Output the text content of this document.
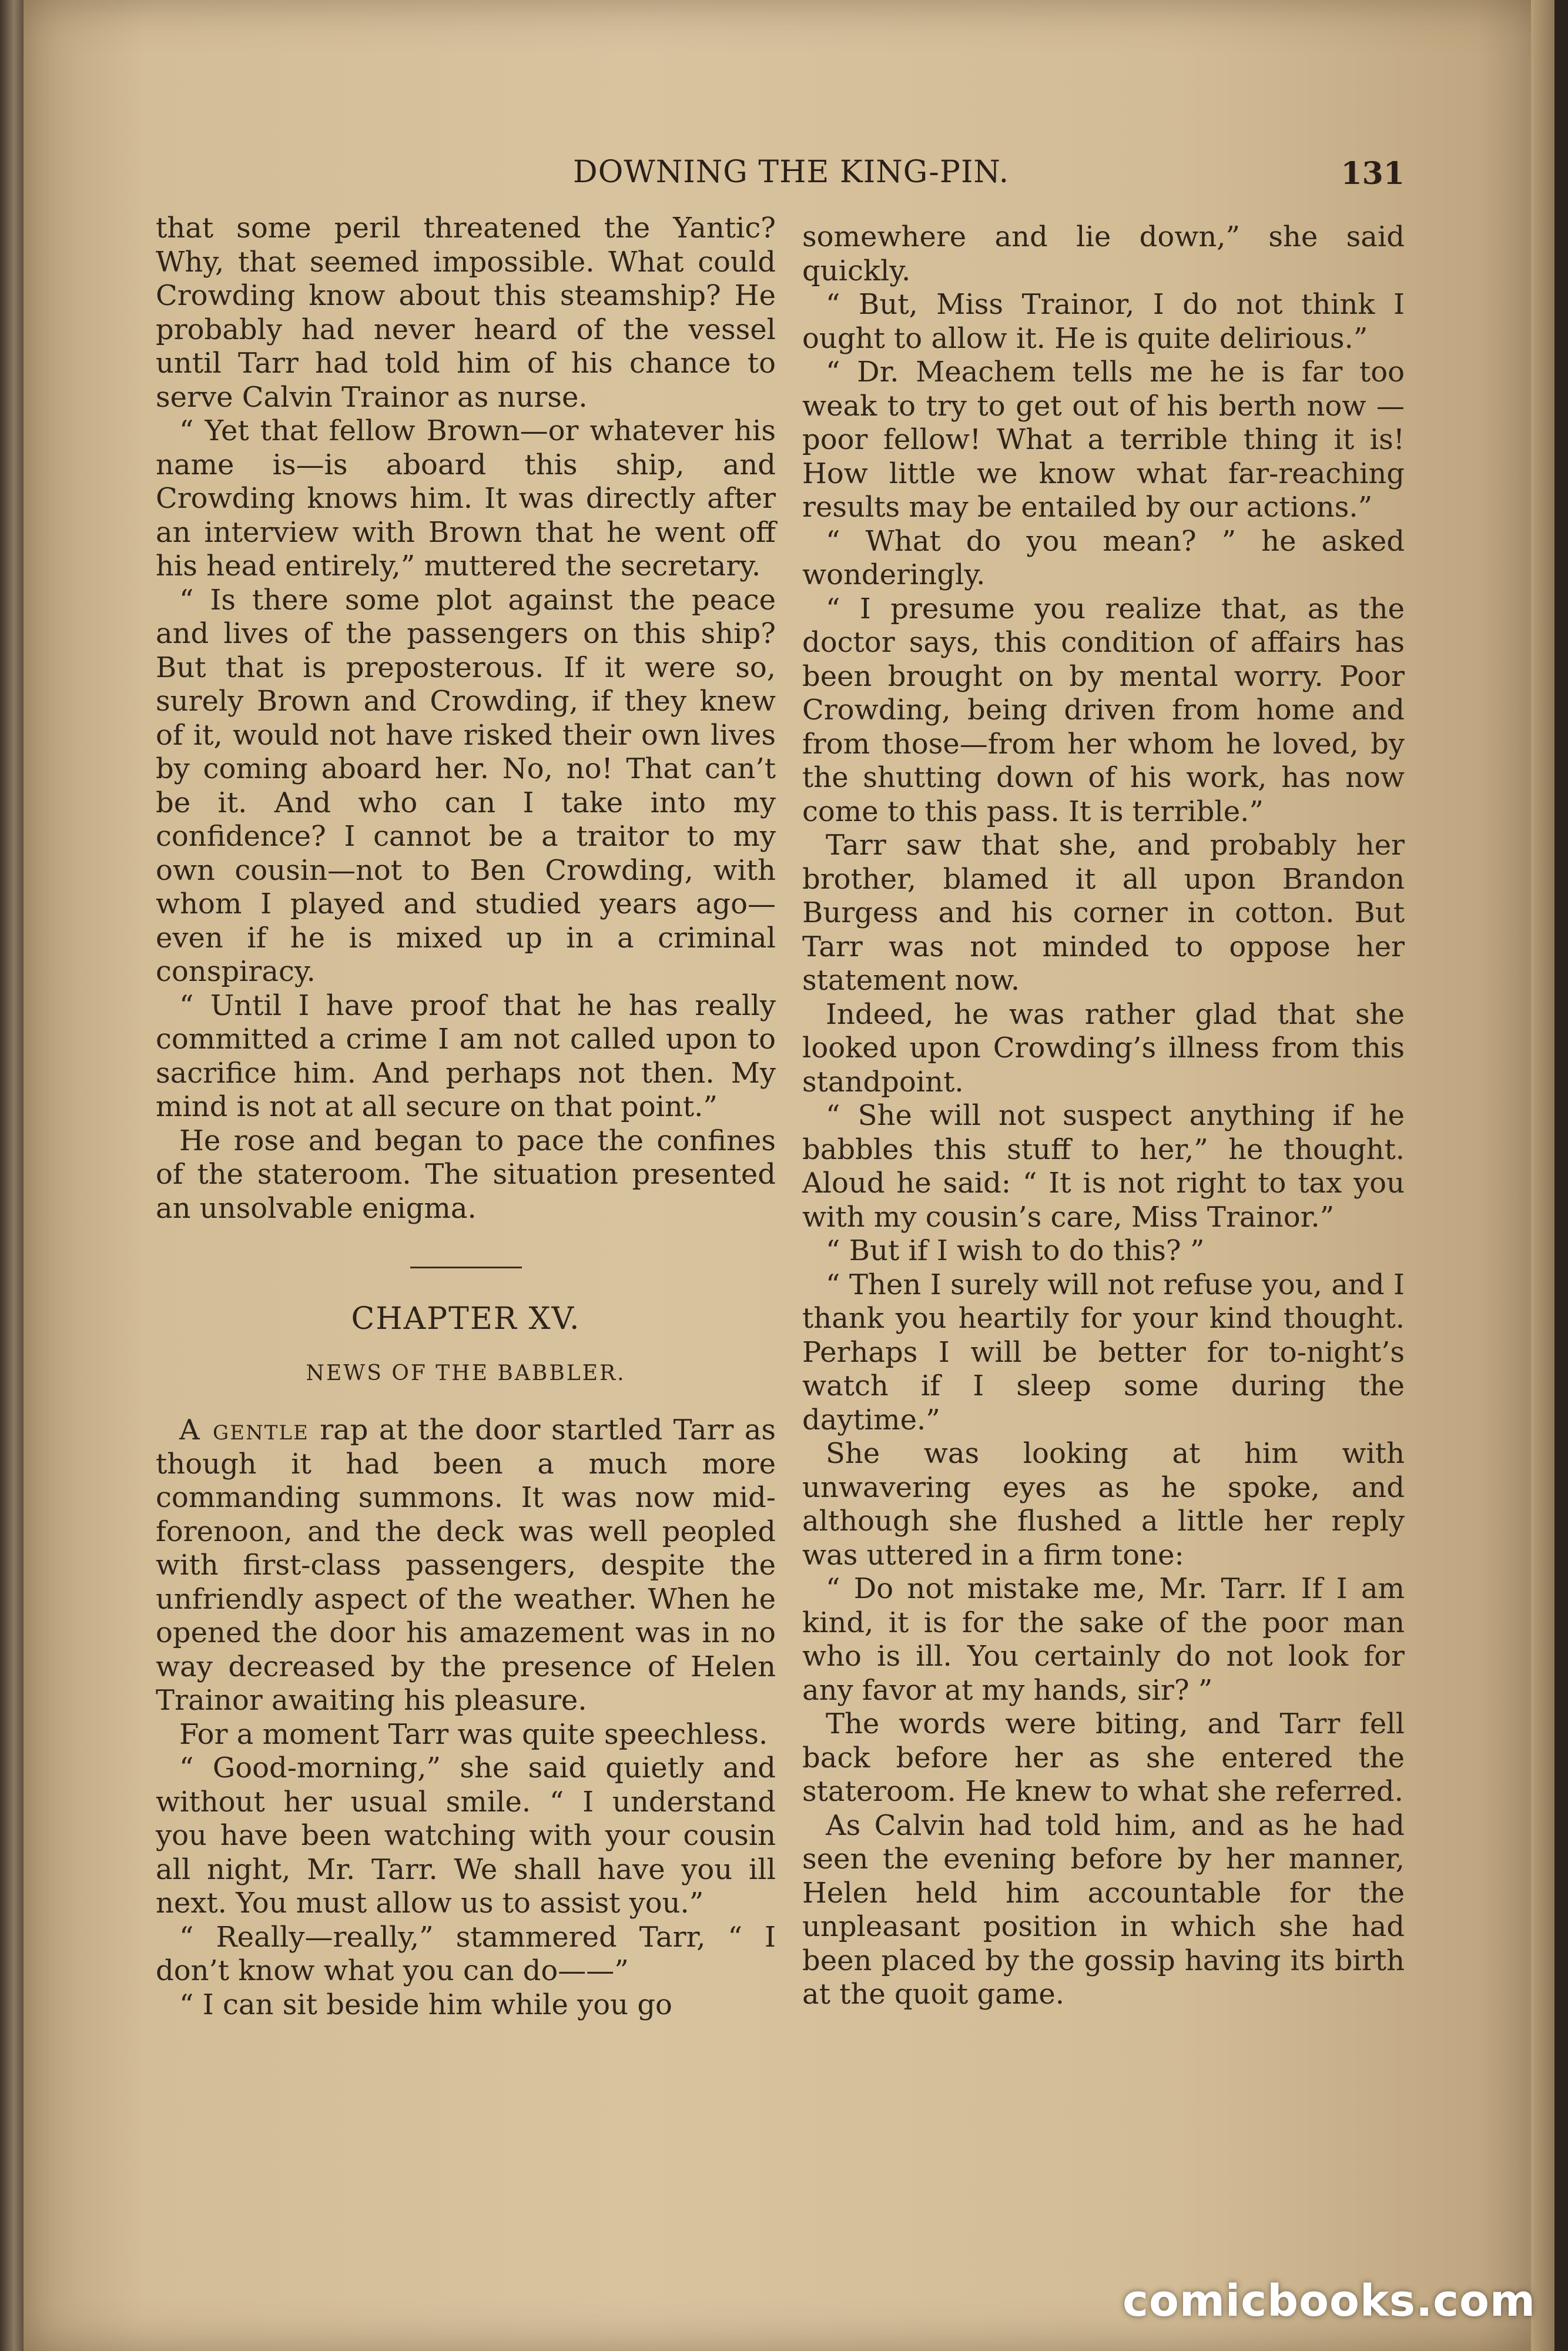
DOWNING THE KING-PIN.	131

that some peril threatened the Yantic? Why, that seemed impossible. What could Crowding know about this steamship? He probably had never heard of the vessel until Tarr had told him of his chance to serve Calvin Trainor as nurse.

“ Yet that fellow Brown—or whatever his name is—is aboard this ship, and Crowding knows him. It was directly after an interview with Brown that he went off his head entirely,” muttered the secretary.

“ Is there some plot against the peace and lives of the passengers on this ship? But that is preposterous. If it were so, surely Brown and Crowding, if they knew of it, would not have risked their own lives by coming aboard her. No, no! That can’t be it. And who can I take into my confidence? I cannot be a traitor to my own cousin—not to Ben Crowding, with whom I played and studied years ago—even if he is mixed up in a criminal conspiracy.

“ Until I have proof that he has really committed a crime I am not called upon to sacrifice him. And perhaps not then. My mind is not at all secure on that point.”

He rose and began to pace the confines of the stateroom. The situation presented an unsolvable enigma.

CHAPTER XV.
NEWS OF THE BABBLER.

A gentle rap at the door startled Tarr as though it had been a much more commanding summons. It was now mid-forenoon, and the deck was well peopled with first-class passengers, despite the unfriendly aspect of the weather. When he opened the door his amazement was in no way decreased by the presence of Helen Trainor awaiting his pleasure.

For a moment Tarr was quite speechless.

“ Good-morning,” she said quietly and without her usual smile. “ I understand you have been watching with your cousin all night, Mr. Tarr. We shall have you ill next. You must allow us to assist you.”

“ Really—really,” stammered Tarr, “ I don’t know what you can do——”

“ I can sit beside him while you go

somewhere and lie down,” she said quickly.

“ But, Miss Trainor, I do not think I ought to allow it. He is quite delirious.”

“ Dr. Meachem tells me he is far too weak to try to get out of his berth now —poor fellow! What a terrible thing it is! How little we know what far-reaching results may be entailed by our actions.”

“ What do you mean? ” he asked wonderingly.

“ I presume you realize that, as the doctor says, this condition of affairs has been brought on by mental worry. Poor Crowding, being driven from home and from those—from her whom he loved, by the shutting down of his work, has now come to this pass. It is terrible.”

Tarr saw that she, and probably her brother, blamed it all upon Brandon Burgess and his corner in cotton. But Tarr was not minded to oppose her statement now.

Indeed, he was rather glad that she looked upon Crowding’s illness from this standpoint.

“ She will not suspect anything if he babbles this stuff to her,” he thought. Aloud he said: “ It is not right to tax you with my cousin’s care, Miss Trainor.”

“ But if I wish to do this? ”

“ Then I surely will not refuse you, and I thank you heartily for your kind thought. Perhaps I will be better for to-night’s watch if I sleep some during the daytime.”

She was looking at him with unwavering eyes as he spoke, and although she flushed a little her reply was uttered in a firm tone:

“ Do not mistake me, Mr. Tarr. If I am kind, it is for the sake of the poor man who is ill. You certainly do not look for any favor at my hands, sir? ”

The words were biting, and Tarr fell back before her as she entered the stateroom. He knew to what she referred.

As Calvin had told him, and as he had seen the evening before by her manner, Helen held him accountable for the unpleasant position in which she had been placed by the gossip having its birth at the quoit game.

comicbooks.com
